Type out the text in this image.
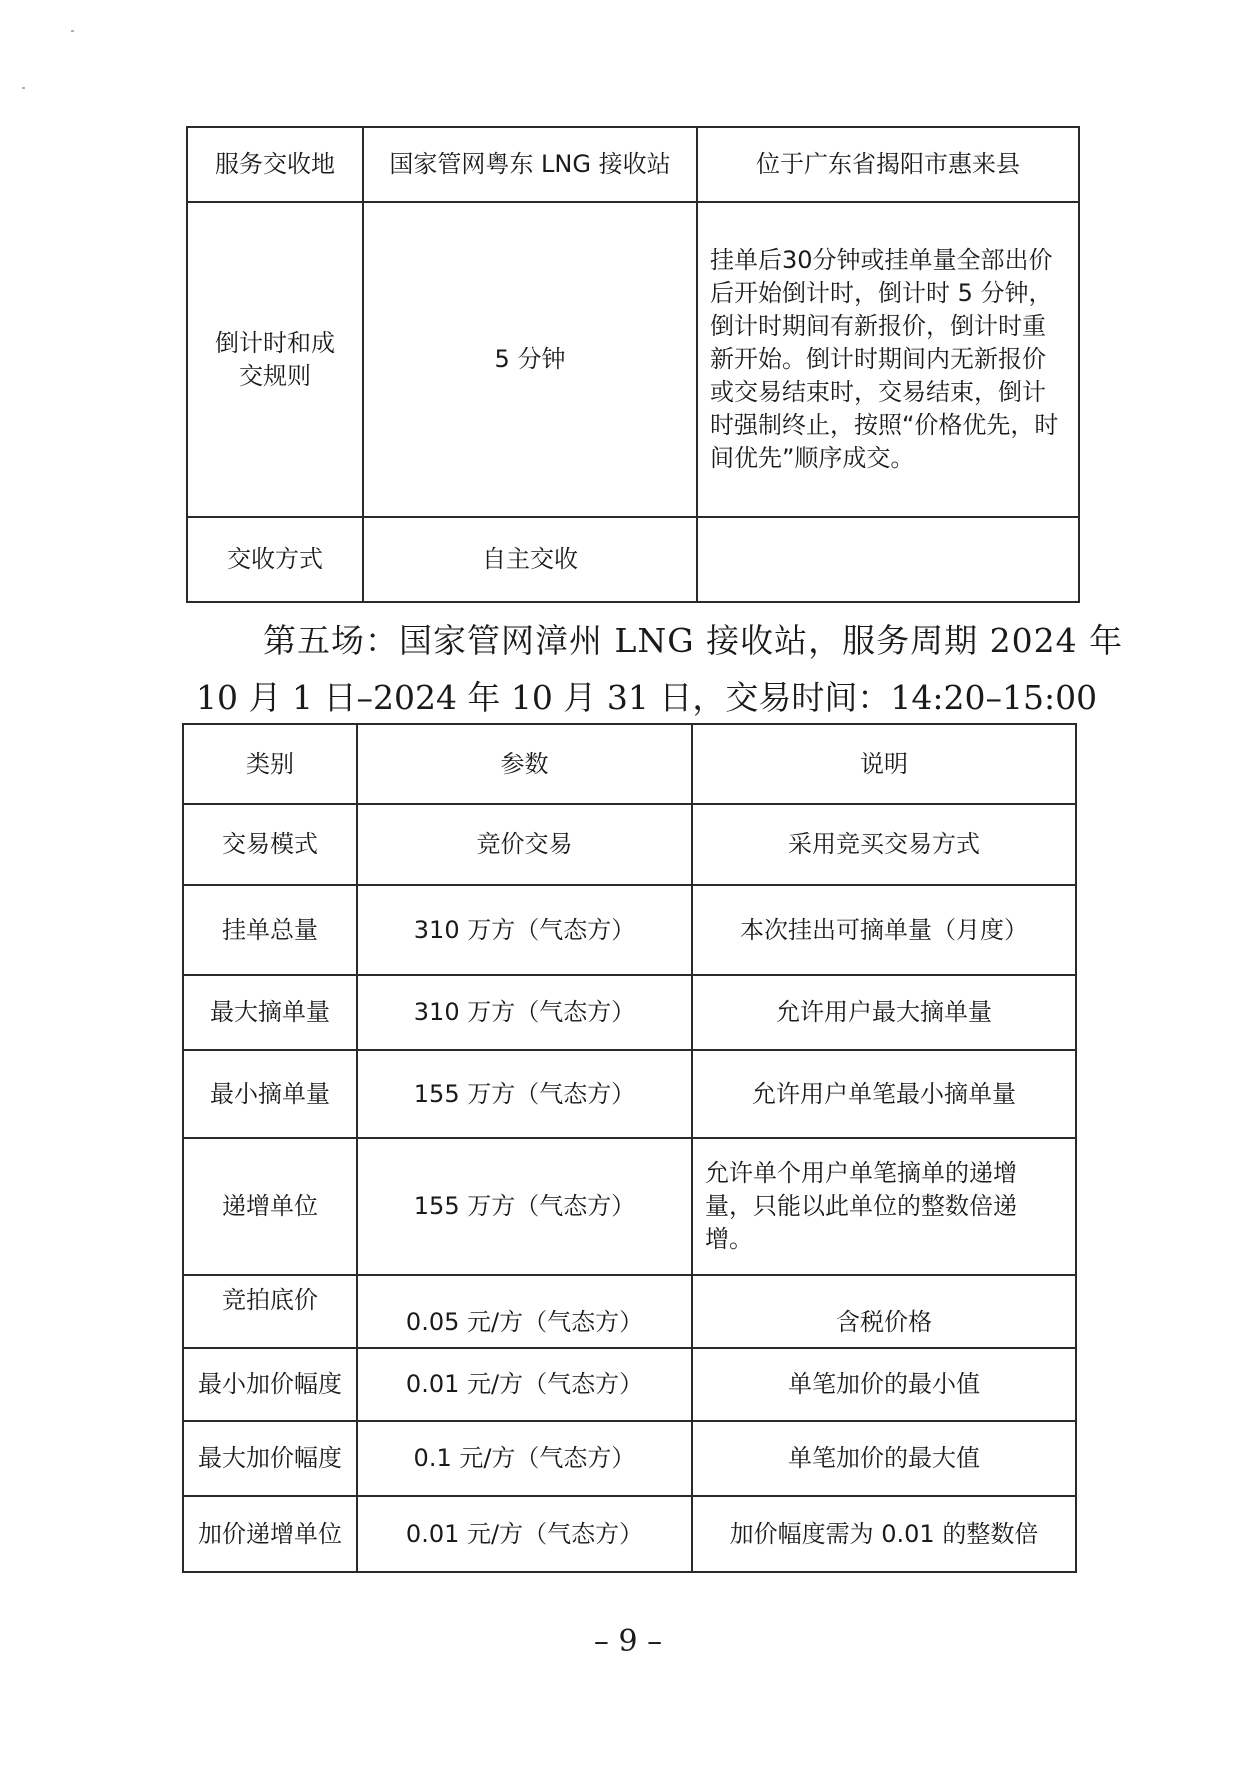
服务交收地	国家管网粤东 LNG 接收站	位于广东省揭阳市惠来县
倒计时和成交规则	5 分钟	挂单后30分钟或挂单量全部出价后开始倒计时，倒计时 5 分钟，倒计时期间有新报价，倒计时重新开始。倒计时期间内无新报价或交易结束时，交易结束，倒计时强制终止，按照“价格优先，时间优先”顺序成交。
交收方式	自主交收	

第五场：国家管网漳州 LNG 接收站，服务周期 2024 年

10 月 1 日–2024 年 10 月 31 日，交易时间：14:20–15:00

类别	参数	说明
交易模式	竞价交易	采用竞买交易方式
挂单总量	310 万方（气态方）	本次挂出可摘单量（月度）
最大摘单量	310 万方（气态方）	允许用户最大摘单量
最小摘单量	155 万方（气态方）	允许用户单笔最小摘单量
递增单位	155 万方（气态方）	允许单个用户单笔摘单的递增量，只能以此单位的整数倍递增。
竞拍底价	0.05 元/方（气态方）	含税价格
最小加价幅度	0.01 元/方（气态方）	单笔加价的最小值
最大加价幅度	0.1 元/方（气态方）	单笔加价的最大值
加价递增单位	0.01 元/方（气态方）	加价幅度需为 0.01 的整数倍
– 9 –
